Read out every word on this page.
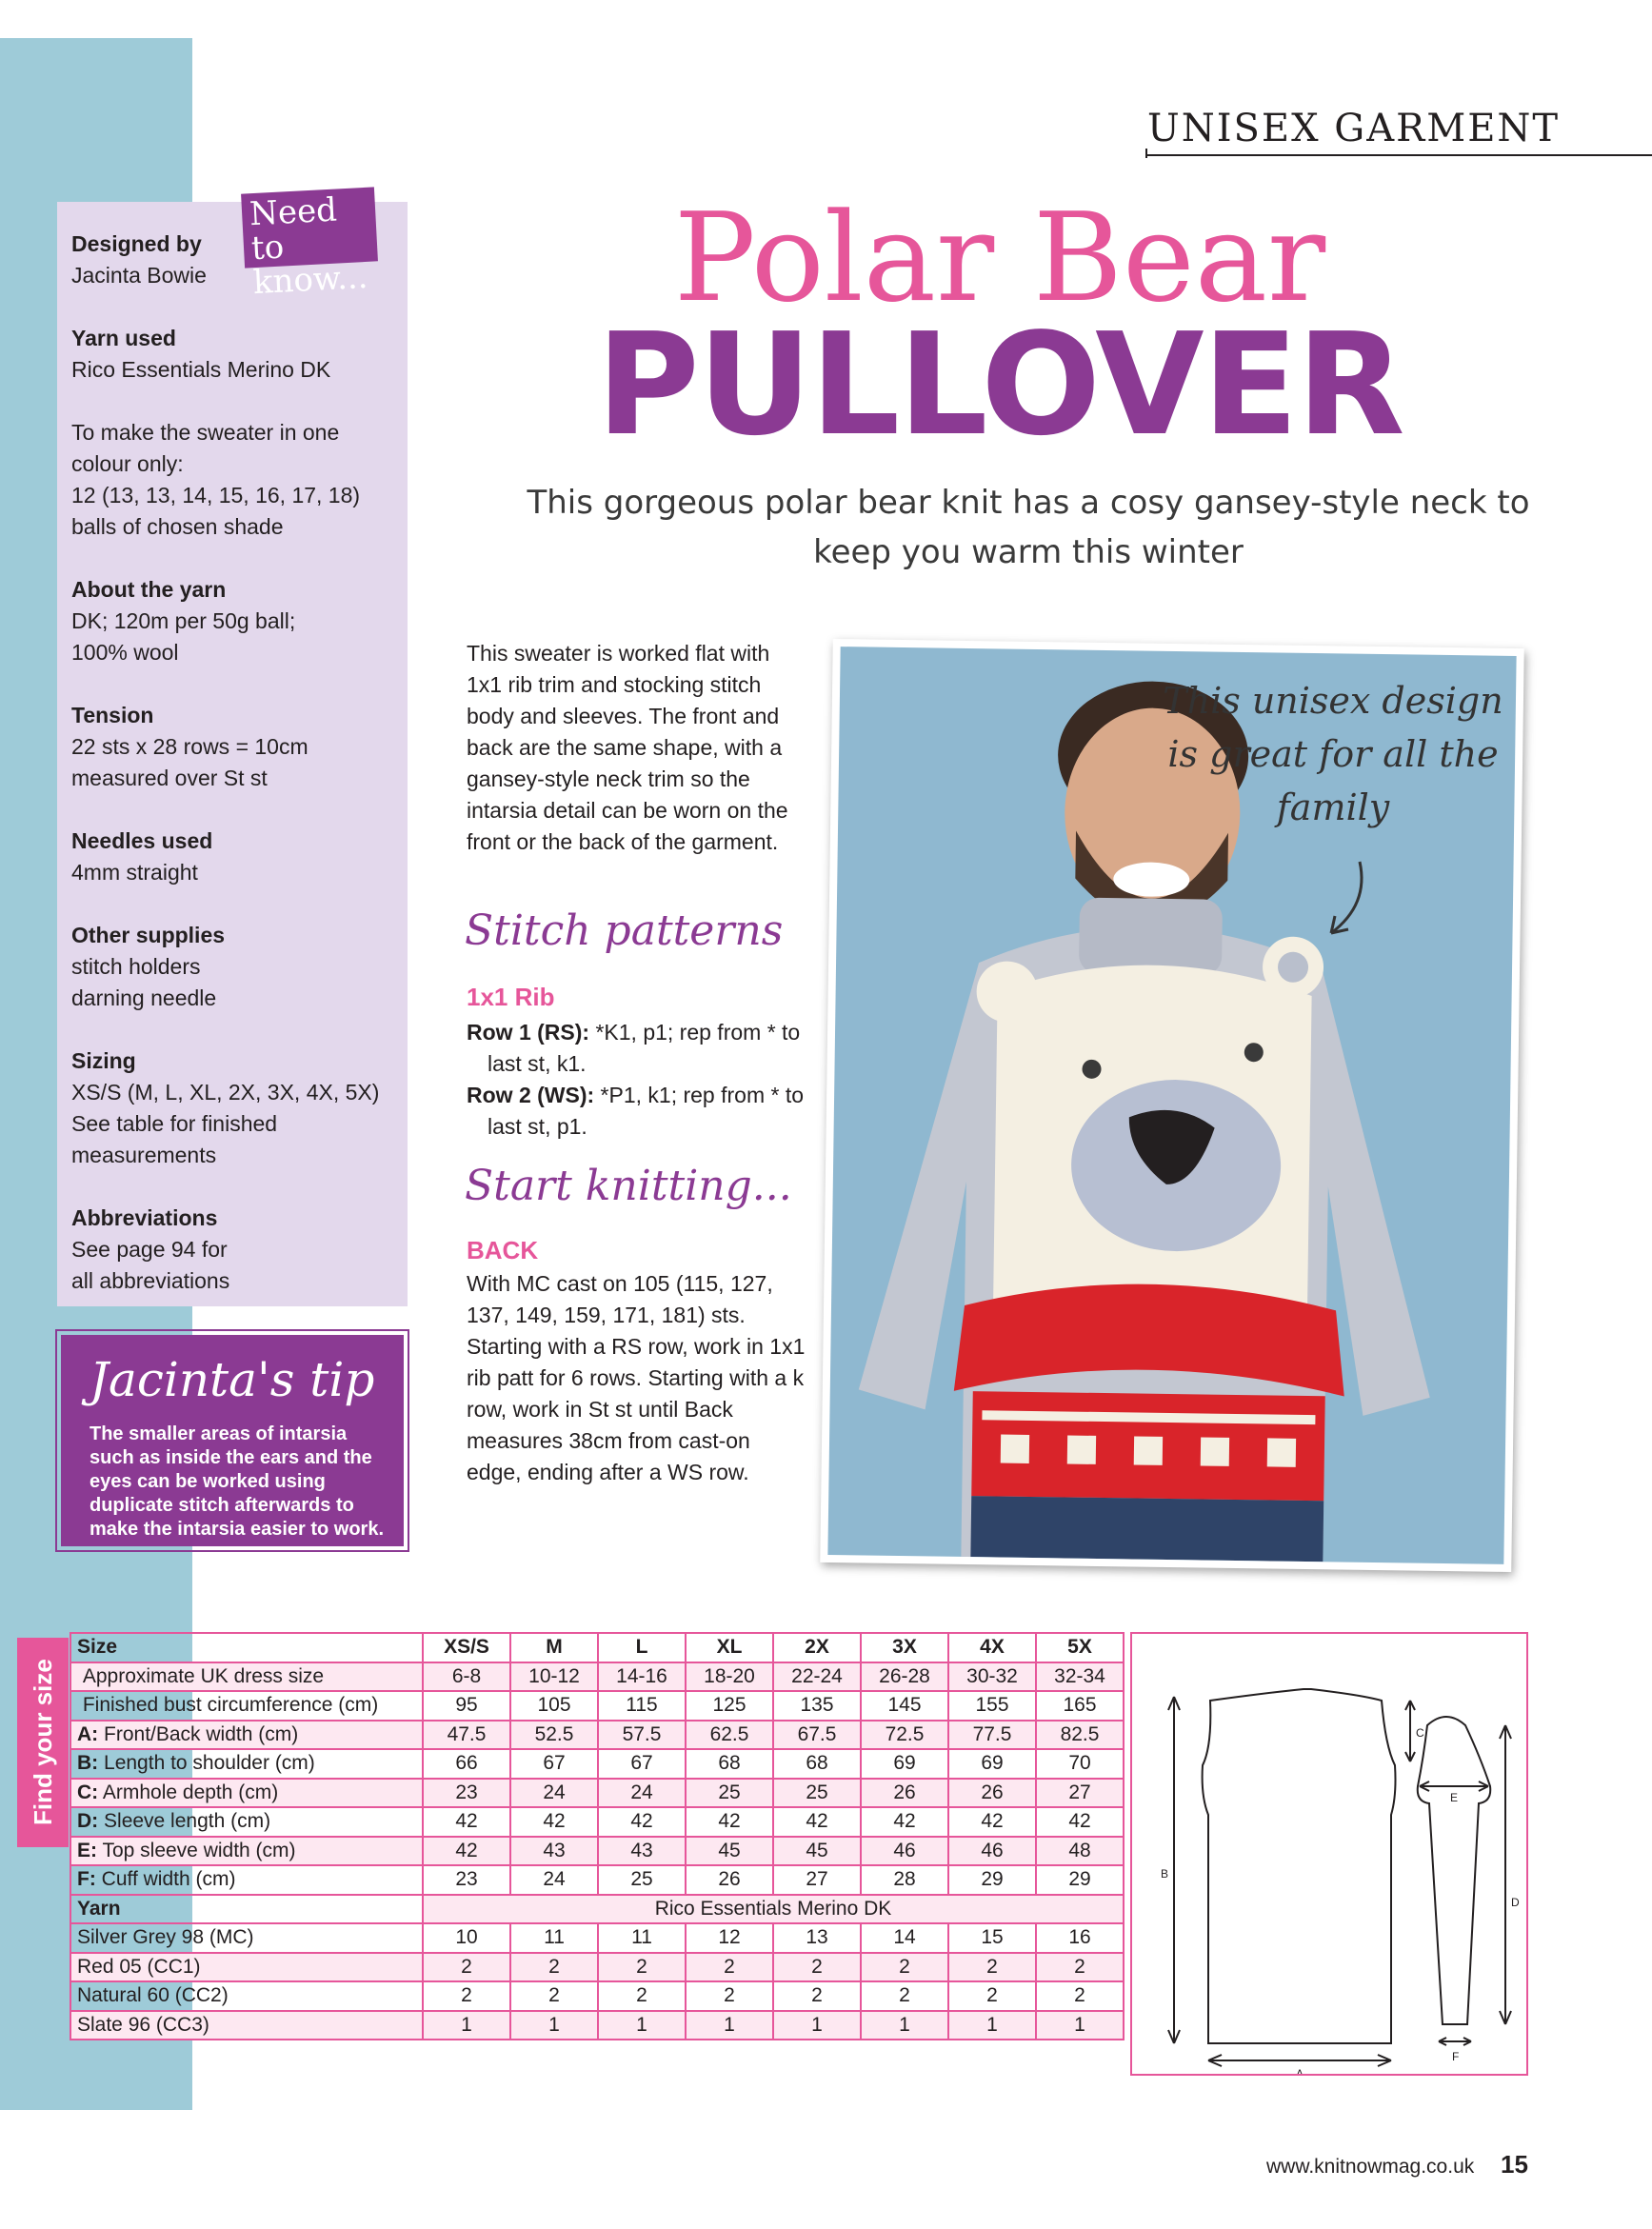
UNISEX GARMENT
Polar Bear
PULLOVER
This gorgeous polar bear knit has a cosy gansey-style neck to keep you warm this winter
Designed by
Jacinta Bowie
Yarn used
Rico Essentials Merino DK
To make the sweater in one
colour only:
12 (13, 13, 14, 15, 16, 17, 18)
balls of chosen shade
About the yarn
DK; 120m per 50g ball;
100% wool
Tension
22 sts x 28 rows = 10cm
measured over St st
Needles used
4mm straight
Other supplies
stitch holders
darning needle
Sizing
XS/S (M, L, XL, 2X, 3X, 4X, 5X)
See table for finished
measurements
Abbreviations
See page 94 for
all abbreviations
Need to know...
Jacinta's tip
The smaller areas of intarsia such as inside the ears and the eyes can be worked using duplicate stitch afterwards to make the intarsia easier to work.
This sweater is worked flat with 1x1 rib trim and stocking stitch body and sleeves. The front and back are the same shape, with a gansey-style neck trim so the intarsia detail can be worn on the front or the back of the garment.
Stitch patterns
1x1 Rib
Row 1 (RS): *K1, p1; rep from * to last st, k1.
Row 2 (WS): *P1, k1; rep from * to last st, p1.
Start knitting...
BACK
With MC cast on 105 (115, 127, 137, 149, 159, 171, 181) sts. Starting with a RS row, work in 1x1 rib patt for 6 rows. Starting with a k row, work in St st until Back measures 38cm from cast-on edge, ending after a WS row.
This unisex design is great for all the family
Find your size
Size	XS/S	M	L	XL	2X	3X	4X	5X
Approximate UK dress size	6-8	10-12	14-16	18-20	22-24	26-28	30-32	32-34
Finished bust circumference (cm)	95	105	115	125	135	145	155	165
A: Front/Back width (cm)	47.5	52.5	57.5	62.5	67.5	72.5	77.5	82.5
B: Length to shoulder (cm)	66	67	67	68	68	69	69	70
C: Armhole depth (cm)	23	24	24	25	25	26	26	27
D: Sleeve length (cm)	42	42	42	42	42	42	42	42
E: Top sleeve width (cm)	42	43	43	45	45	46	46	48
F: Cuff width (cm)	23	24	25	26	27	28	29	29
Yarn	Rico Essentials Merino DK							
Silver Grey 98 (MC)	10	11	11	12	13	14	15	16
Red 05 (CC1)	2	2	2	2	2	2	2	2
Natural 60 (CC2)	2	2	2	2	2	2	2	2
Slate 96 (CC3)	1	1	1	1	1	1	1	1
B
C
A
D
E
F
www.knitnowmag.co.uk 15
